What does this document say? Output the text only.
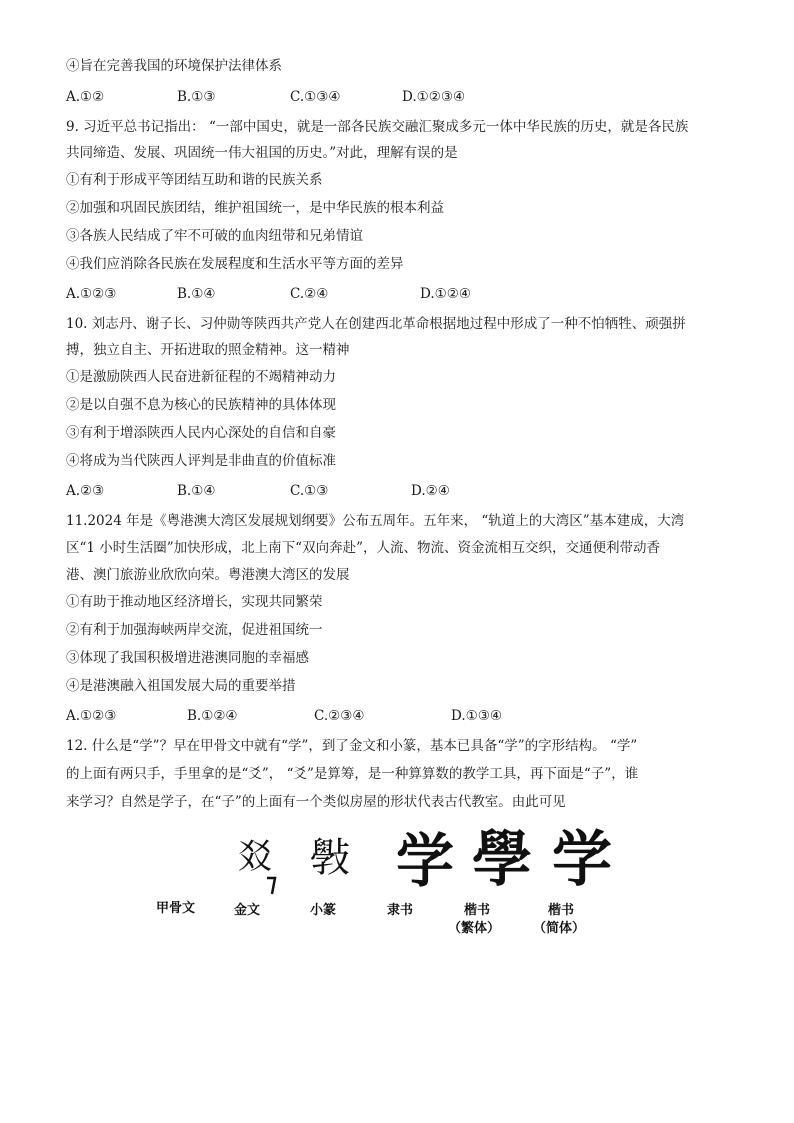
④旨在完善我国的环境保护法律体系
A.①②	B.①③	C.①③④	D.①②③④
9. 习近平总书记指出： “一部中国史，就是一部各民族交融汇聚成多元一体中华民族的历史，就是各民族
共同缔造、发展、巩固统一伟大祖国的历史。”对此，理解有误的是
①有利于形成平等团结互助和谐的民族关系
②加强和巩固民族团结，维护祖国统一，是中华民族的根本利益
③各族人民结成了牢不可破的血肉纽带和兄弟情谊
④我们应消除各民族在发展程度和生活水平等方面的差异
A.①②③	B.①④	C.②④	D.①②④
10. 刘志丹、谢子长、习仲勋等陕西共产党人在创建西北革命根据地过程中形成了一种不怕牺牲、顽强拼
搏，独立自主、开拓进取的照金精神。这一精神
①是激励陕西人民奋进新征程的不竭精神动力
②是以自强不息为核心的民族精神的具体体现
③有利于增添陕西人民内心深处的自信和自豪
④将成为当代陕西人评判是非曲直的价值标准
A.②③	B.①④	C.①③	D.②④
11.2024 年是《粤港澳大湾区发展规划纲要》公布五周年。五年来， “轨道上的大湾区”基本建成，大湾
区“1 小时生活圈”加快形成，北上南下“双向奔赴”，人流、物流、资金流相互交织，交通便利带动香
港、澳门旅游业欣欣向荣。粤港澳大湾区的发展
①有助于推动地区经济增长，实现共同繁荣
②有利于加强海峡两岸交流，促进祖国统一
③体现了我国积极增进港澳同胞的幸福感
④是港澳融入祖国发展大局的重要举措
A.①②③	B.①②④	C.②③④	D.①③④
12. 什么是“学”？早在甲骨文中就有“学”，到了金文和小篆，基本已具备“学”的字形结构。 “学”
的上面有两只手，手里拿的是“爻”， “爻”是算筹，是一种算算数的教学工具，再下面是“子”，谁
来学习？自然是学子，在“子”的上面有一个类似房屋的形状代表古代教室。由此可见
㸚 斅 学 學 学
甲骨文	金文	小篆	隶书	楷书
（繁体）
楷书
（简体）
